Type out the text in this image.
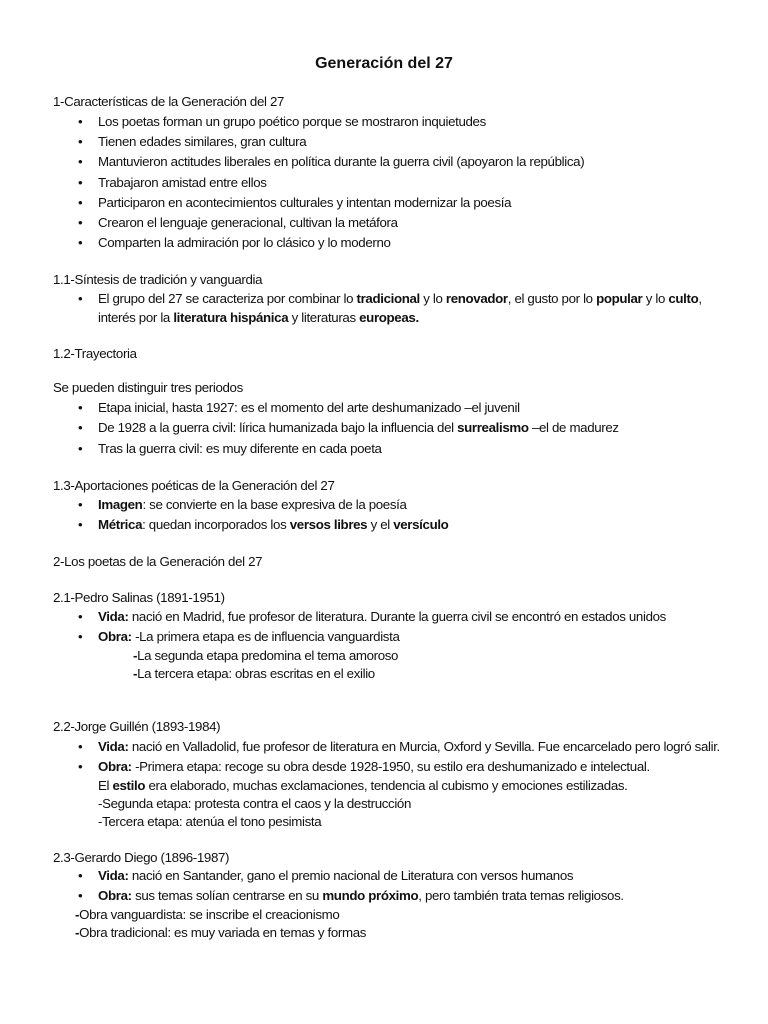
Generación del 27
1-Características de la Generación del 27
• Los poetas forman un grupo poético porque se mostraron inquietudes
• Tienen edades similares, gran cultura
• Mantuvieron actitudes liberales en política durante la guerra civil (apoyaron la república)
• Trabajaron amistad entre ellos
• Participaron en acontecimientos culturales y intentan modernizar la poesía
• Crearon el lenguaje generacional, cultivan la metáfora
• Comparten la admiración por lo clásico y lo moderno
1.1-Síntesis de tradición y vanguardia
• El grupo del 27 se caracteriza por combinar lo tradicional y lo renovador, el gusto por lo popular y lo culto,
interés por la literatura hispánica y literaturas europeas.
1.2-Trayectoria
Se pueden distinguir tres periodos
• Etapa inicial, hasta 1927: es el momento del arte deshumanizado –el juvenil
• De 1928 a la guerra civil: lírica humanizada bajo la influencia del surrealismo –el de madurez
• Tras la guerra civil: es muy diferente en cada poeta
1.3-Aportaciones poéticas de la Generación del 27
• Imagen: se convierte en la base expresiva de la poesía
• Métrica: quedan incorporados los versos libres y el versículo
2-Los poetas de la Generación del 27
2.1-Pedro Salinas (1891-1951)
• Vida: nació en Madrid, fue profesor de literatura. Durante la guerra civil se encontró en estados unidos
• Obra: -La primera etapa es de influencia vanguardista
-La segunda etapa predomina el tema amoroso
-La tercera etapa: obras escritas en el exilio
2.2-Jorge Guillén (1893-1984)
• Vida: nació en Valladolid, fue profesor de literatura en Murcia, Oxford y Sevilla. Fue encarcelado pero logró salir.
• Obra: -Primera etapa: recoge su obra desde 1928-1950, su estilo era deshumanizado e intelectual.
El estilo era elaborado, muchas exclamaciones, tendencia al cubismo y emociones estilizadas.
-Segunda etapa: protesta contra el caos y la destrucción
-Tercera etapa: atenúa el tono pesimista
2.3-Gerardo Diego (1896-1987)
• Vida: nació en Santander, gano el premio nacional de Literatura con versos humanos
• Obra: sus temas solían centrarse en su mundo próximo, pero también trata temas religiosos.
-Obra vanguardista: se inscribe el creacionismo
-Obra tradicional: es muy variada en temas y formas
